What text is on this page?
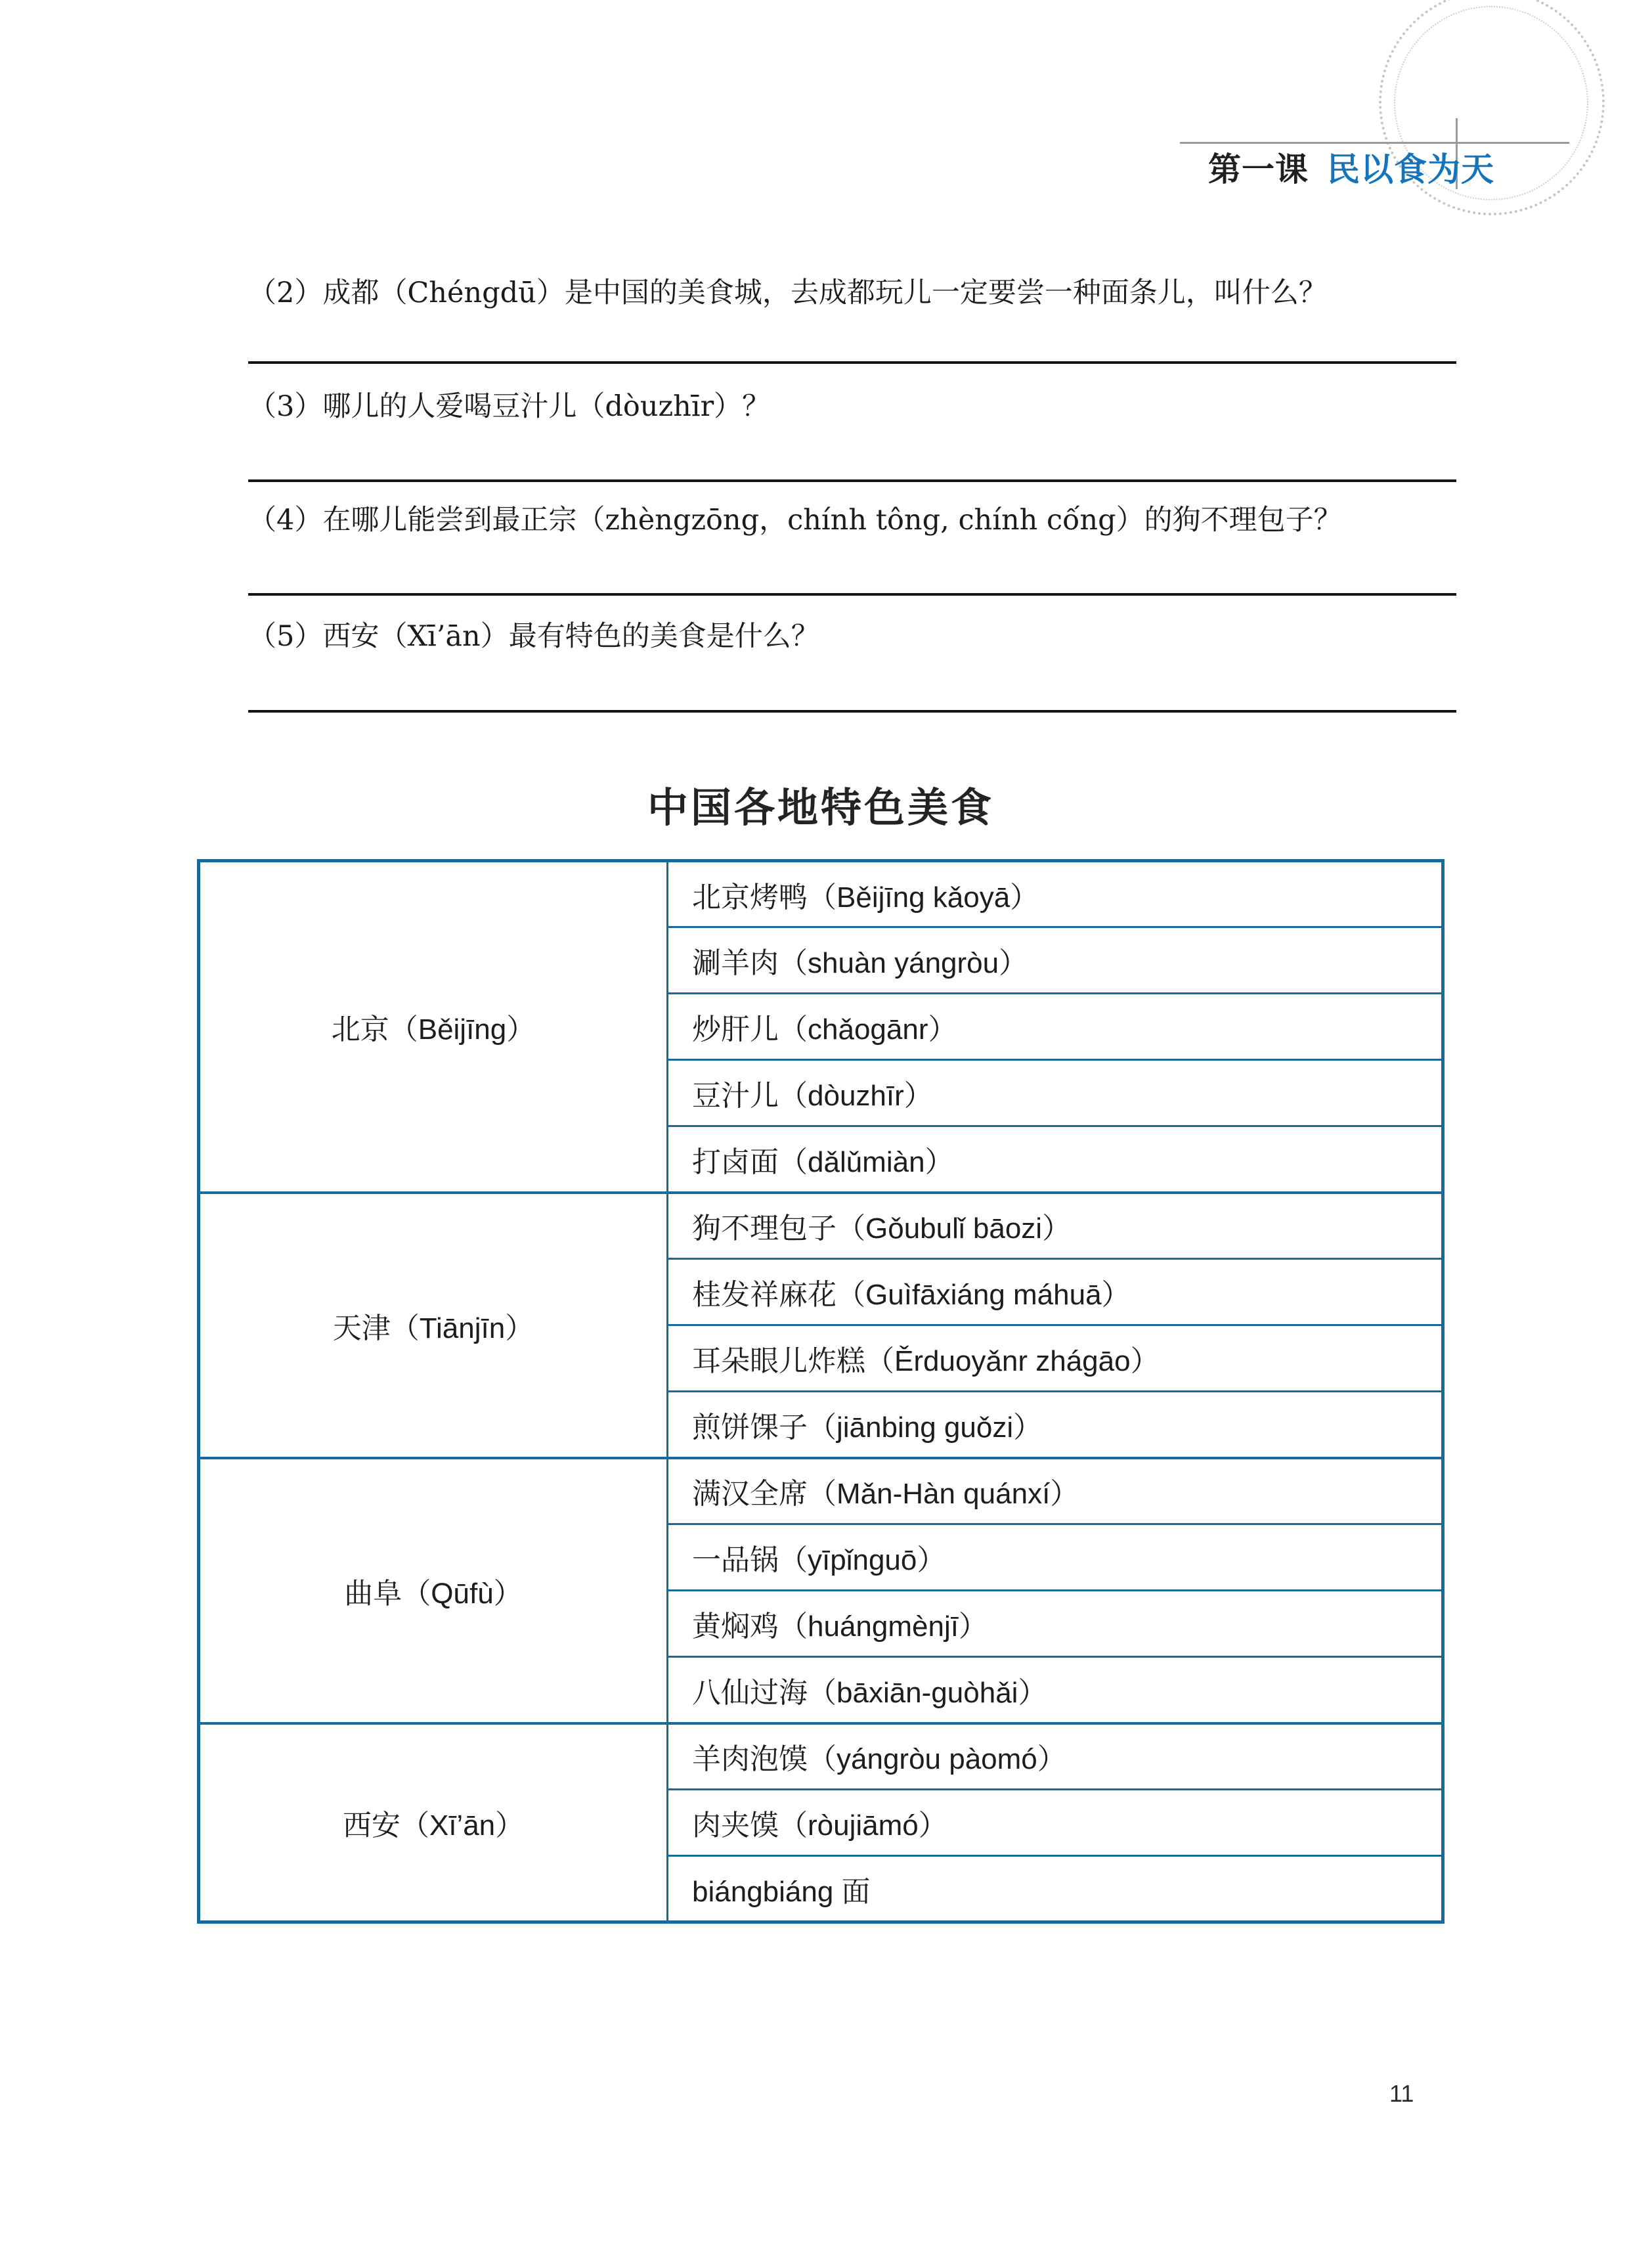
第一课 民以食为天
（2）成都（Chéngdū）是中国的美食城，去成都玩儿一定要尝一种面条儿，叫什么？
（3）哪儿的人爱喝豆汁儿（dòuzhīr）？
（4）在哪儿能尝到最正宗（zhèngzōng，chính tông, chính cống）的狗不理包子？
（5）西安（Xī’ān）最有特色的美食是什么？
中国各地特色美食
北京（Běijīng）	北京烤鸭（Běijīng kǎoyā）
	涮羊肉（shuàn yángròu）
	炒肝儿（chǎogānr）
	豆汁儿（dòuzhīr）
	打卤面（dǎlǔmiàn）
天津（Tiānjīn）	狗不理包子（Gǒubulǐ bāozi）
	桂发祥麻花（Guìfāxiáng máhuā）
	耳朵眼儿炸糕（Ěrduoyǎnr zhágāo）
	煎饼馃子（jiānbing guǒzi）
曲阜（Qūfù）	满汉全席（Mǎn-Hàn quánxí）
	一品锅（yīpǐnguō）
	黄焖鸡（huángmènjī）
	八仙过海（bāxiān-guòhǎi）
西安（Xī’ān）	羊肉泡馍（yángròu pàomó）
	肉夹馍（ròujiāmó）
	biángbiáng 面
11
